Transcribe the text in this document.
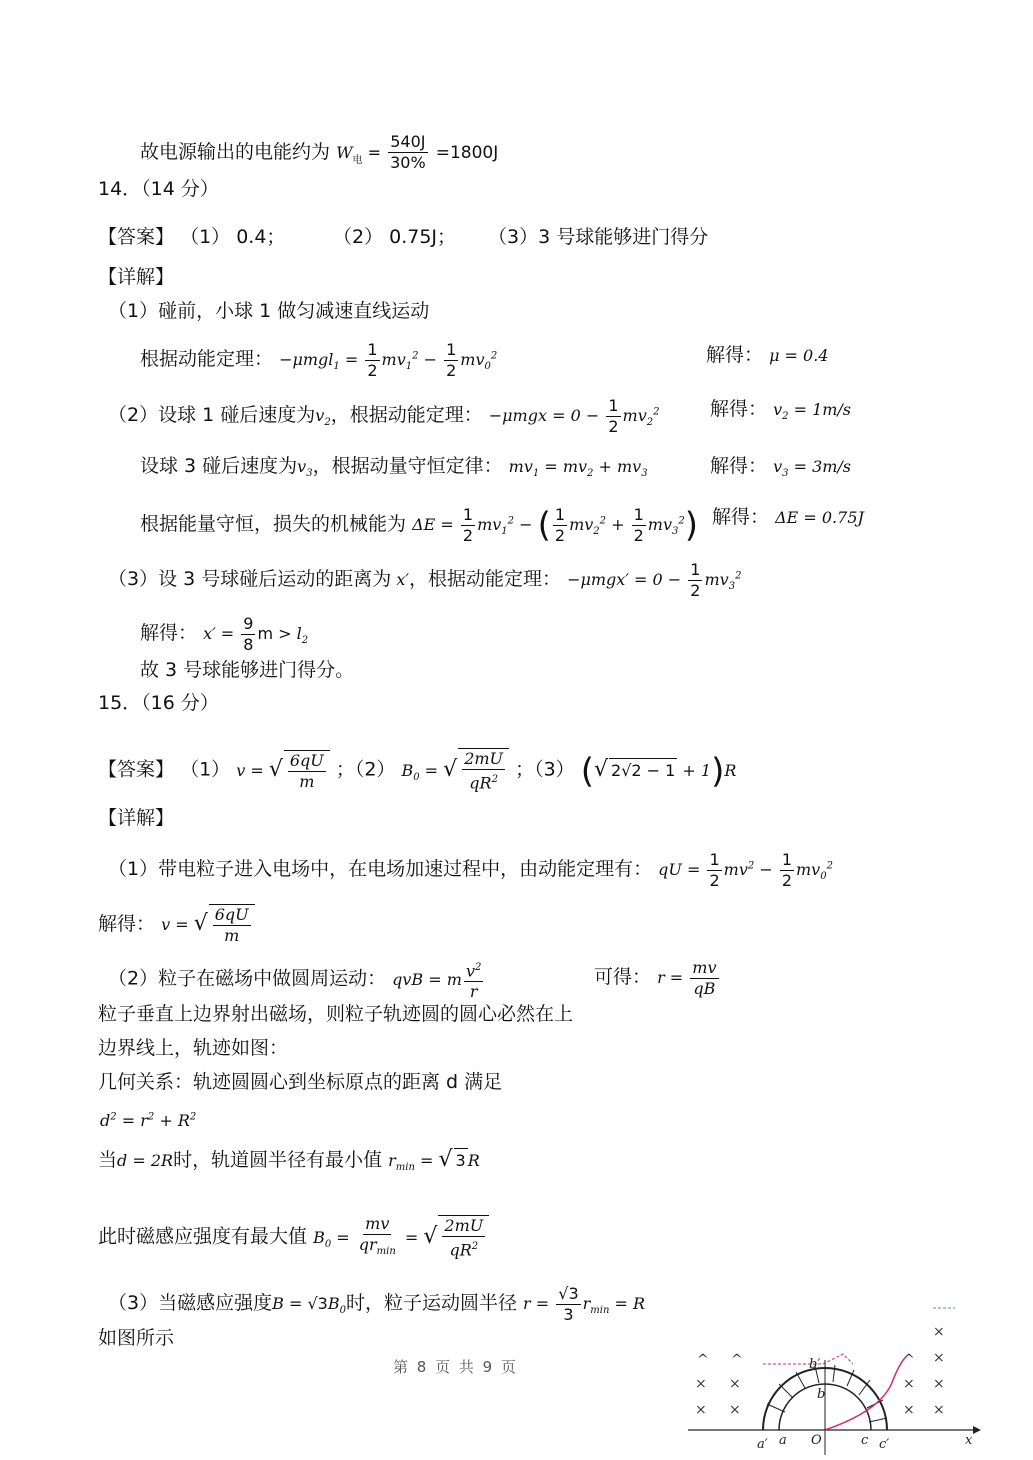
故电源输出的电能约为 $W_电 = \frac{540J}{30\%} =1800J$
14．（14 分）
【答案】 （1） 0.4；	（2） 0.75J； （3）3 号球能够进门得分
【详解】
（1）碰前，小球 1 做匀减速直线运动
根据动能定理： $-\mu mgl_1 = \frac{1}{2} mv_1^2 - \frac{1}{2} mv_0^2$	解得： μ = 0.4
（2）设球 1 碰后速度为$v_2$，根据动能定理： $-\mu mgx = 0 - \frac{1}{2} mv_2^2$	解得： $v_2 = 1m/s$
设球 3 碰后速度为$v_3$，根据动量守恒定律： $mv_1 = mv_2 + mv_3$	解得： $v_3 = 3m/s$
根据能量守恒，损失的机械能为 $\Delta E = \frac{1}{2} mv_1^2$ − ( $\frac{1}{2} mv_2^2 + \frac{1}{2} mv_3^2$) 解得： ΔE = 0.75J
（3）设 3 号球碰后运动的距离为 x′，根据动能定理： $-\mu mgx' = 0 - \frac{1}{2} mv_3^2$
解得： $x' = \frac{9}{8}$ $m > l_2$
故 3 号球能够进门得分。
15．（16 分）
【答案】 （1） v = √ $\frac{6qU}{m}$ ；（2） $B_0$ = √ $\frac{2mU}{qR^2}$ ；（3） (√ 2√2 − 1 + 1)R
【详解】
（1）带电粒子进入电场中，在电场加速过程中，由动能定理有： qU = $\frac{1}{2} mv^2 - \frac{1}{2} mv_0^2$
解得： v = √ $\frac{6qU}{m}$
（2）粒子在磁场中做圆周运动： qvB = m $\frac{v^2}{r}$	可得： $r = \frac{mv}{qB}$
粒子垂直上边界射出磁场，则粒子轨迹圆的圆心必然在上
边界线上，轨迹如图：
几何关系：轨迹圆圆心到坐标原点的距离 d 满足
$d^2 = r^2 + R^2$
当d = 2R时，轨道圆半径有最小值 $r_{min}$ = √ 3 R
此时磁感应强度有最大值 $B_0 = \frac{mv}{qr_{min}}$ = √ $\frac{2mU}{qR^2}$
（3）当磁感应强度$B = √3B_0$时，粒子运动圆半径 $r = \frac{√3}{3} r_{min} = R$
如图所示
第 8 页 共 9 页
×
×
×
×
×
×
×
×
×
×
^ ^	^
a′ a O	c c′	x
b′
b
